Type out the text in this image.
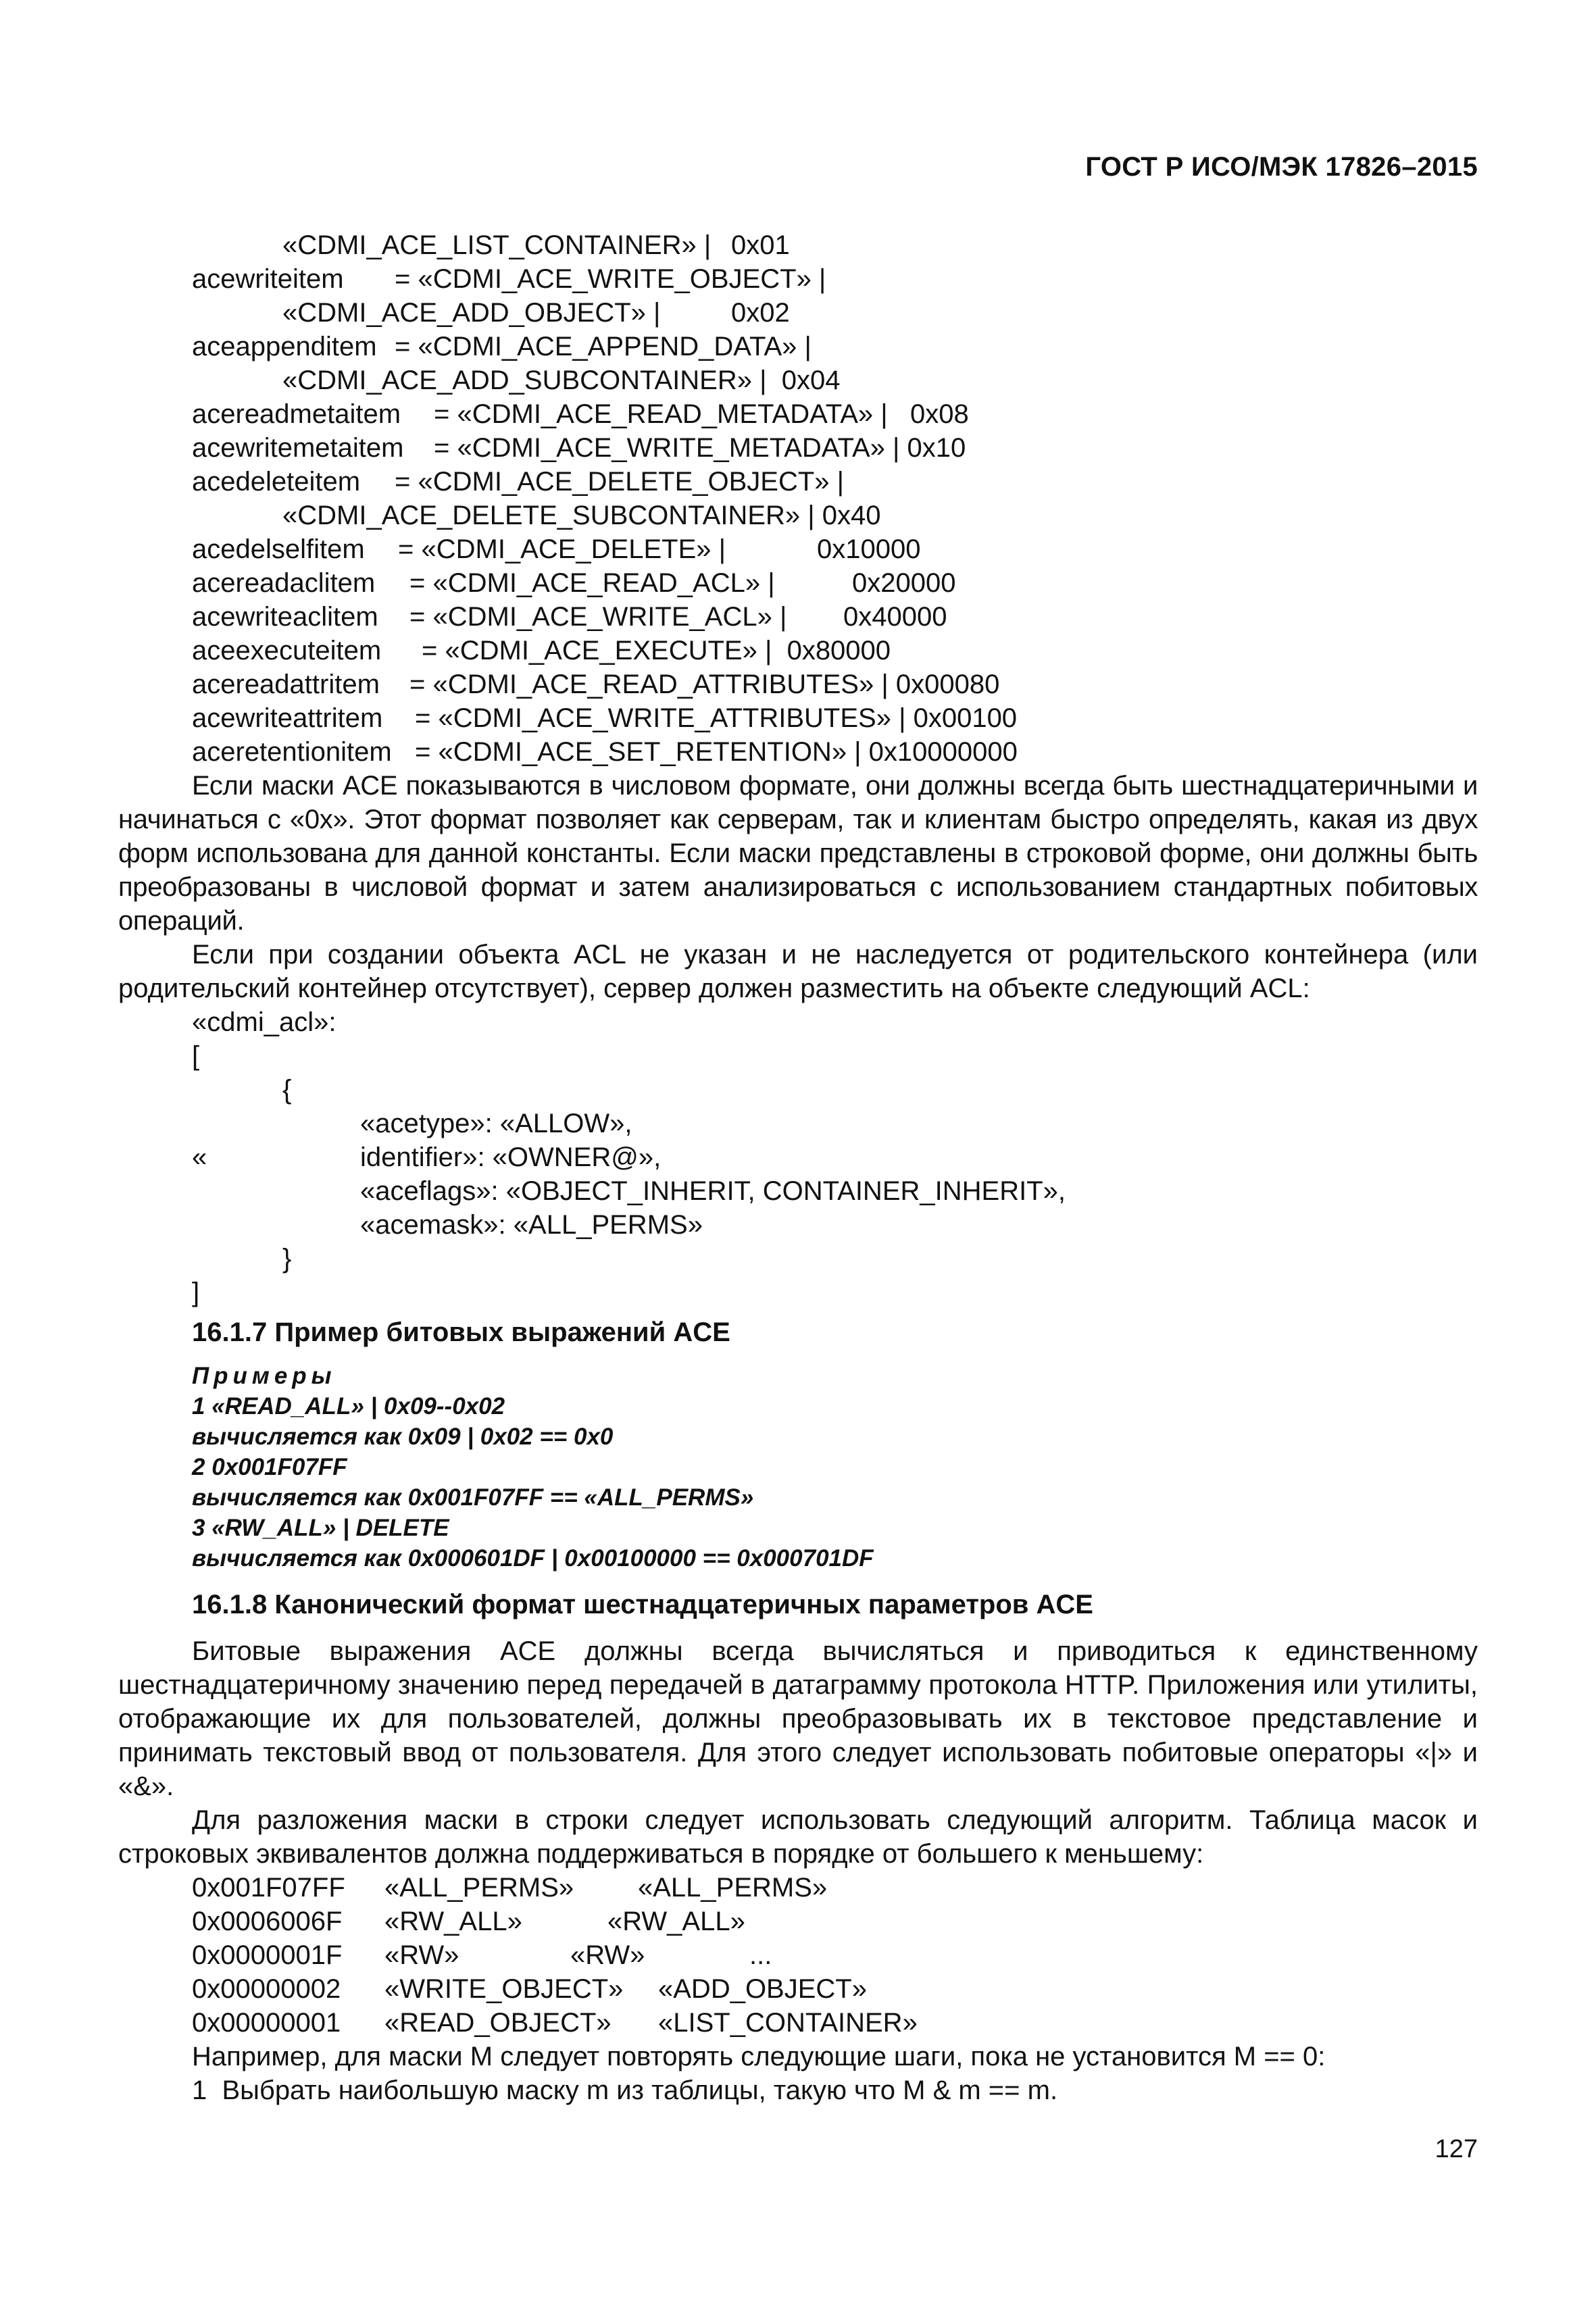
ГОСТ Р ИСО/МЭК 17826–2015
«CDMI_ACE_LIST_CONTAINER» | 0x01
acewriteitem = «CDMI_ACE_WRITE_OBJECT» |
«CDMI_ACE_ADD_OBJECT» |	0x02
aceappenditem = «CDMI_ACE_APPEND_DATA» |
«CDMI_ACE_ADD_SUBCONTAINER» |  0x04
acereadmetaitem = «CDMI_ACE_READ_METADATA» |   0x08
acewritemetaitem = «CDMI_ACE_WRITE_METADATA» | 0x10
acedeleteitem = «CDMI_ACE_DELETE_OBJECT» |
«CDMI_ACE_DELETE_SUBCONTAINER» | 0x40
acedelselfitem = «CDMI_ACE_DELETE» |	0x10000
acereadaclitem = «CDMI_ACE_READ_ACL» |	0x20000
acewriteaclitem = «CDMI_ACE_WRITE_ACL» | 0x40000
aceexecuteitem = «CDMI_ACE_EXECUTE» |  0x80000
acereadattritem = «CDMI_ACE_READ_ATTRIBUTES» | 0x00080
acewriteattritem = «CDMI_ACE_WRITE_ATTRIBUTES» | 0x00100
aceretentionitem = «CDMI_ACE_SET_RETENTION» | 0x10000000
Если маски ACE показываются в числовом формате, они должны всегда быть шестнадцатеричными и начинаться с «0x». Этот формат позволяет как серверам, так и клиентам быстро определять, какая из двух форм использована для данной константы. Если маски представлены в строковой форме, они должны быть преобразованы в числовой формат и затем анализироваться с использованием стандартных побитовых операций.
Если при создании объекта ACL не указан и не наследуется от родительского контейнера (или родительский контейнер отсутствует), сервер должен разместить на объекте следующий ACL:
«cdmi_acl»:
[
{
«acetype»: «ALLOW»,
«	identifier»: «OWNER@»,
«aceflags»: «OBJECT_INHERIT, CONTAINER_INHERIT»,
«acemask»: «ALL_PERMS»
}
]
16.1.7 Пример битовых выражений ACE
Примеры
1 «READ_ALL» | 0x09--0x02
вычисляется как 0x09 | 0x02 == 0x0
2 0x001F07FF
вычисляется как 0x001F07FF == «ALL_PERMS»
3 «RW_ALL» | DELETE
вычисляется как 0x000601DF | 0x00100000 == 0x000701DF
16.1.8 Канонический формат шестнадцатеричных параметров ACE
Битовые выражения ACE должны всегда вычисляться и приводиться к единственному шестнадцатеричному значению перед передачей в датаграмму протокола HTTP. Приложения или утилиты, отображающие их для пользователей, должны преобразовывать их в текстовое представление и принимать текстовый ввод от пользователя. Для этого следует использовать побитовые операторы «|» и «&».
Для разложения маски в строки следует использовать следующий алгоритм. Таблица масок и строковых эквивалентов должна поддерживаться в порядке от большего к меньшему:
0x001F07FF «ALL_PERMS» «ALL_PERMS»
0x0006006F «RW_ALL»	«RW_ALL»
0x0000001F «RW»	«RW»	...
0x00000002 «WRITE_OBJECT» «ADD_OBJECT»
0x00000001 «READ_OBJECT» «LIST_CONTAINER»
Например, для маски M следует повторять следующие шаги, пока не установится M == 0:
1  Выбрать наибольшую маску m из таблицы, такую что M & m == m.
127
